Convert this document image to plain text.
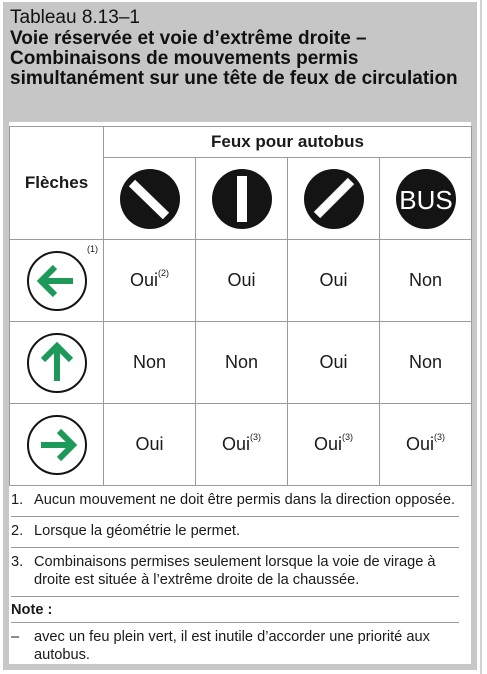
Tableau 8.13–1
Voie réservée et voie d’extrême droite – Combinaisons de mouvements permis simultanément sur une tête de feux de circulation
Flèches	Feux pour autobus			

BUS

(1)	Oui$^{(2)}$	Oui	Oui	Non

	Non	Non	Oui	Non

	Oui	Oui$^{(3)}$	Oui$^{(3)}$	Oui$^{(3)}$
1. Aucun mouvement ne doit être permis dans la direction opposée.
2. Lorsque la géométrie le permet.
3. Combinaisons permises seulement lorsque la voie de virage à droite est située à l’extrême droite de la chaussée.
Note :
– avec un feu plein vert, il est inutile d’accorder une priorité aux autobus.
